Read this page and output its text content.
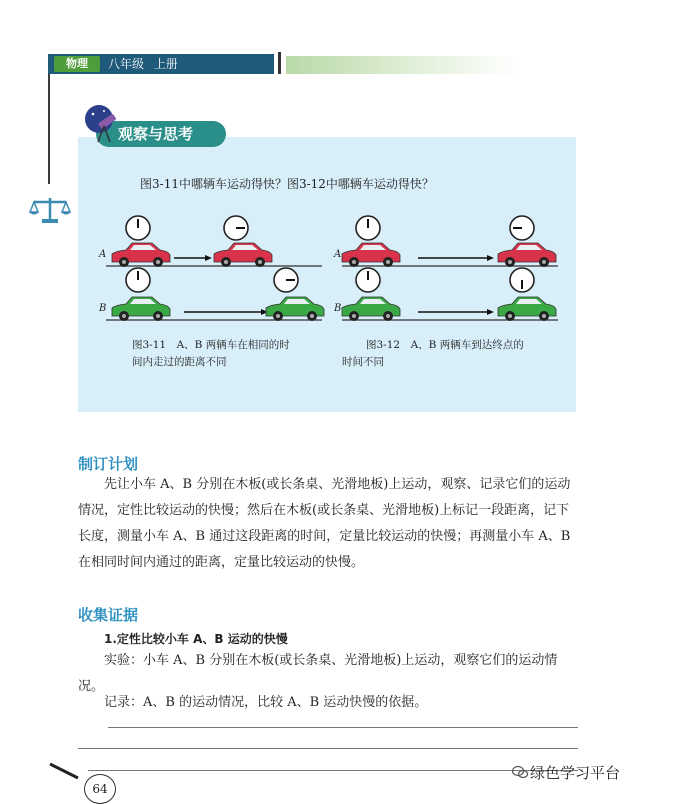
物理	八年级 上册
观察与思考
图3-11中哪辆车运动得快？图3-12中哪辆车运动得快？
A
B
A
B
图3-11　A、B 两辆车在相同的时
间内走过的距离不同
图3-12　A、B 两辆车到达终点的
时间不同
制订计划
先让小车 A、B 分别在木板(或长条桌、光滑地板)上运动，观察、记录它们的运动情况，定性比较运动的快慢；然后在木板(或长条桌、光滑地板)上标记一段距离，记下长度，测量小车 A、B 通过这段距离的时间，定量比较运动的快慢；再测量小车 A、B 在相同时间内通过的距离，定量比较运动的快慢。
收集证据
1.定性比较小车 A、B 运动的快慢
实验：小车 A、B 分别在木板(或长条桌、光滑地板)上运动，观察它们的运动情况。
记录：A、B 的运动情况，比较 A、B 运动快慢的依据。
64
绿色学习平台
